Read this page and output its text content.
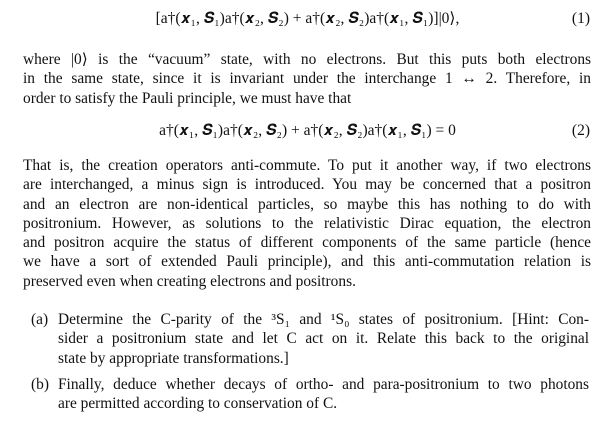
[a†(𝒙₁, 𝑺₁)a†(𝒙₂, 𝑺₂) + a†(𝒙₂, 𝑺₂)a†(𝒙₁, 𝑺₁)]|0⟩,	(1)
where |0⟩ is the “vacuum” state, with no electrons. But this puts both electrons
in the same state, since it is invariant under the interchange 1 ↔ 2. Therefore, in
order to satisfy the Pauli principle, we must have that
a†(𝒙₁, 𝑺₁)a†(𝒙₂, 𝑺₂) + a†(𝒙₂, 𝑺₂)a†(𝒙₁, 𝑺₁) = 0	(2)
That is, the creation operators anti-commute. To put it another way, if two electrons
are interchanged, a minus sign is introduced. You may be concerned that a positron
and an electron are non-identical particles, so maybe this has nothing to do with
positronium. However, as solutions to the relativistic Dirac equation, the electron
and positron acquire the status of different components of the same particle (hence
we have a sort of extended Pauli principle), and this anti-commutation relation is
preserved even when creating electrons and positrons.
(a) Determine the C-parity of the ³S₁ and ¹S₀ states of positronium. [Hint: Con-
sider a positronium state and let C act on it. Relate this back to the original
state by appropriate transformations.]
(b) Finally, deduce whether decays of ortho- and para-positronium to two photons
are permitted according to conservation of C.
